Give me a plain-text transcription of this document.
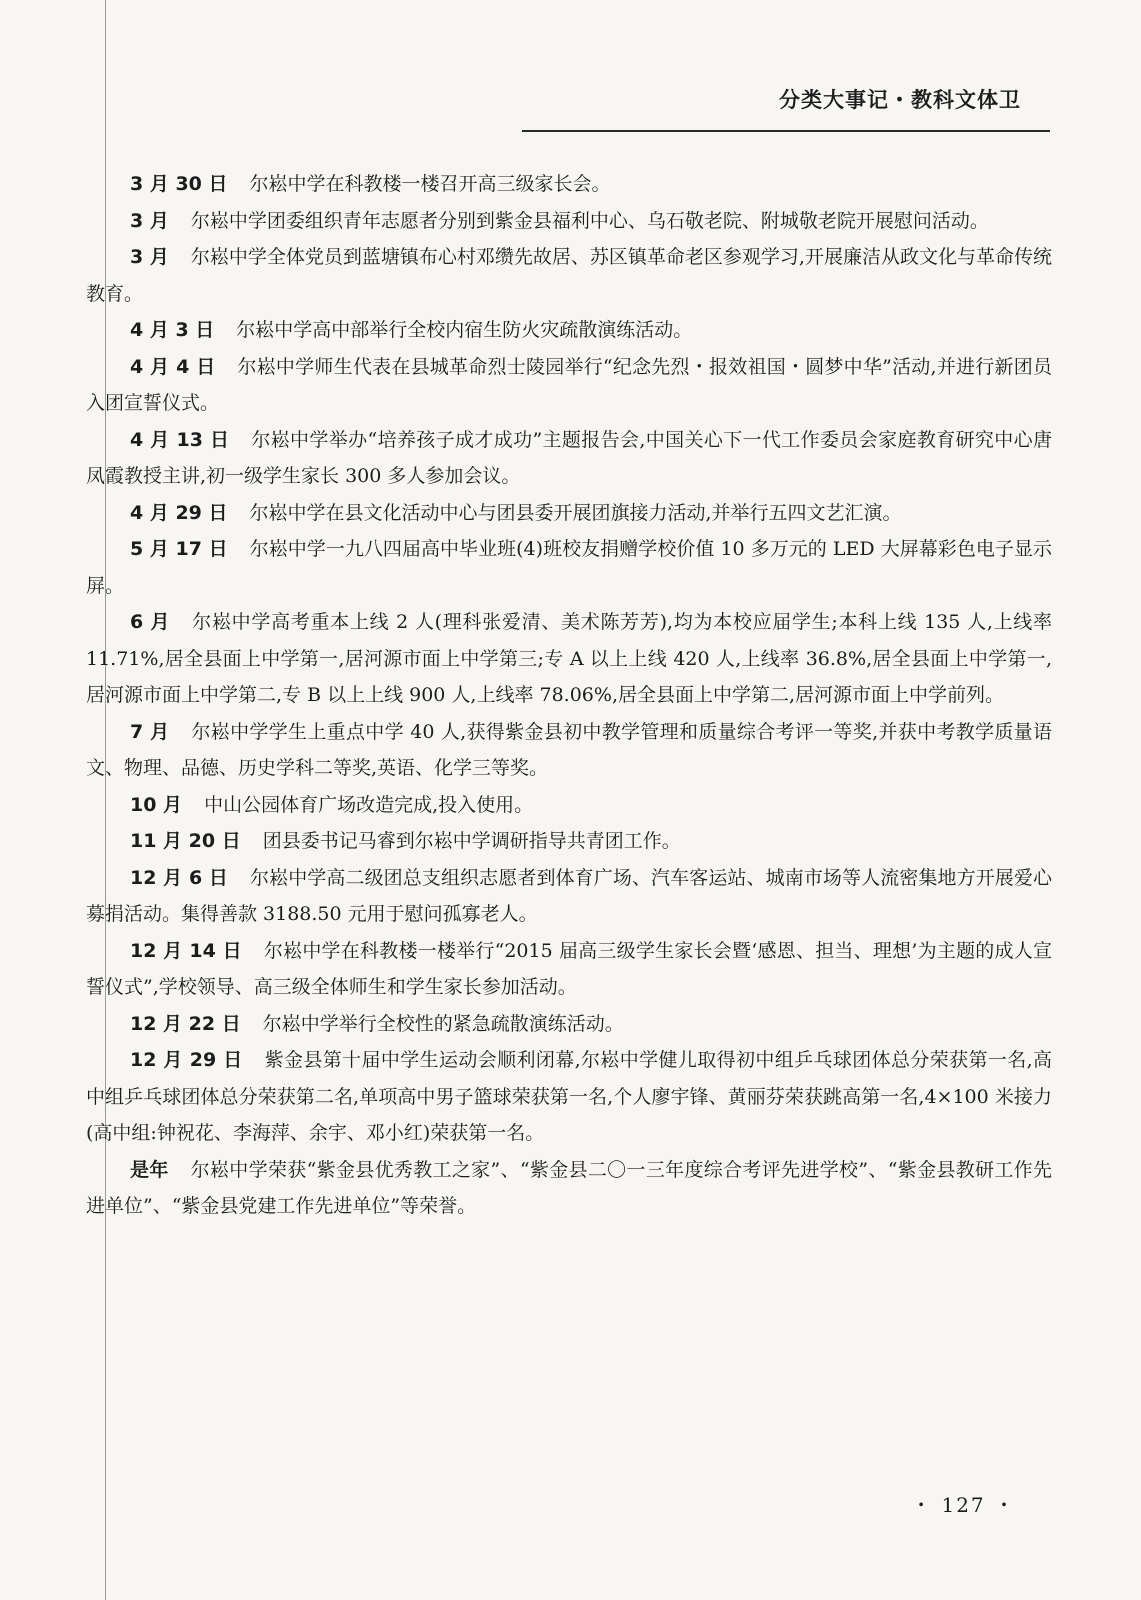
分类大事记・教科文体卫

3 月 30 日 尔崧中学在科教楼一楼召开高三级家长会。

3 月 尔崧中学团委组织青年志愿者分别到紫金县福利中心、乌石敬老院、附城敬老院开展慰问活动。

3 月 尔崧中学全体党员到蓝塘镇布心村邓缵先故居、苏区镇革命老区参观学习,开展廉洁从政文化与革命传统教育。

4 月 3 日 尔崧中学高中部举行全校内宿生防火灾疏散演练活动。

4 月 4 日 尔崧中学师生代表在县城革命烈士陵园举行“纪念先烈・报效祖国・圆梦中华”活动,并进行新团员入团宣誓仪式。

4 月 13 日 尔崧中学举办“培养孩子成才成功”主题报告会,中国关心下一代工作委员会家庭教育研究中心唐凤霞教授主讲,初一级学生家长 300 多人参加会议。

4 月 29 日 尔崧中学在县文化活动中心与团县委开展团旗接力活动,并举行五四文艺汇演。

5 月 17 日 尔崧中学一九八四届高中毕业班(4)班校友捐赠学校价值 10 多万元的 LED 大屏幕彩色电子显示屏。

6 月 尔崧中学高考重本上线 2 人(理科张爱清、美术陈芳芳),均为本校应届学生;本科上线 135 人,上线率 11.71%,居全县面上中学第一,居河源市面上中学第三;专 A 以上上线 420 人,上线率 36.8%,居全县面上中学第一,居河源市面上中学第二,专 B 以上上线 900 人,上线率 78.06%,居全县面上中学第二,居河源市面上中学前列。

7 月 尔崧中学学生上重点中学 40 人,获得紫金县初中教学管理和质量综合考评一等奖,并获中考教学质量语文、物理、品德、历史学科二等奖,英语、化学三等奖。

10 月 中山公园体育广场改造完成,投入使用。

11 月 20 日 团县委书记马睿到尔崧中学调研指导共青团工作。

12 月 6 日 尔崧中学高二级团总支组织志愿者到体育广场、汽车客运站、城南市场等人流密集地方开展爱心募捐活动。集得善款 3188.50 元用于慰问孤寡老人。

12 月 14 日 尔崧中学在科教楼一楼举行“2015 届高三级学生家长会暨‘感恩、担当、理想’为主题的成人宣誓仪式”,学校领导、高三级全体师生和学生家长参加活动。

12 月 22 日 尔崧中学举行全校性的紧急疏散演练活动。

12 月 29 日 紫金县第十届中学生运动会顺利闭幕,尔崧中学健儿取得初中组乒乓球团体总分荣获第一名,高中组乒乓球团体总分荣获第二名,单项高中男子篮球荣获第一名,个人廖宇锋、黄丽芬荣获跳高第一名,4×100 米接力(高中组:钟祝花、李海萍、余宇、邓小红)荣获第一名。

是年 尔崧中学荣获“紫金县优秀教工之家”、“紫金县二〇一三年度综合考评先进学校”、“紫金县教研工作先进单位”、“紫金县党建工作先进单位”等荣誉。

・ 127 ・
